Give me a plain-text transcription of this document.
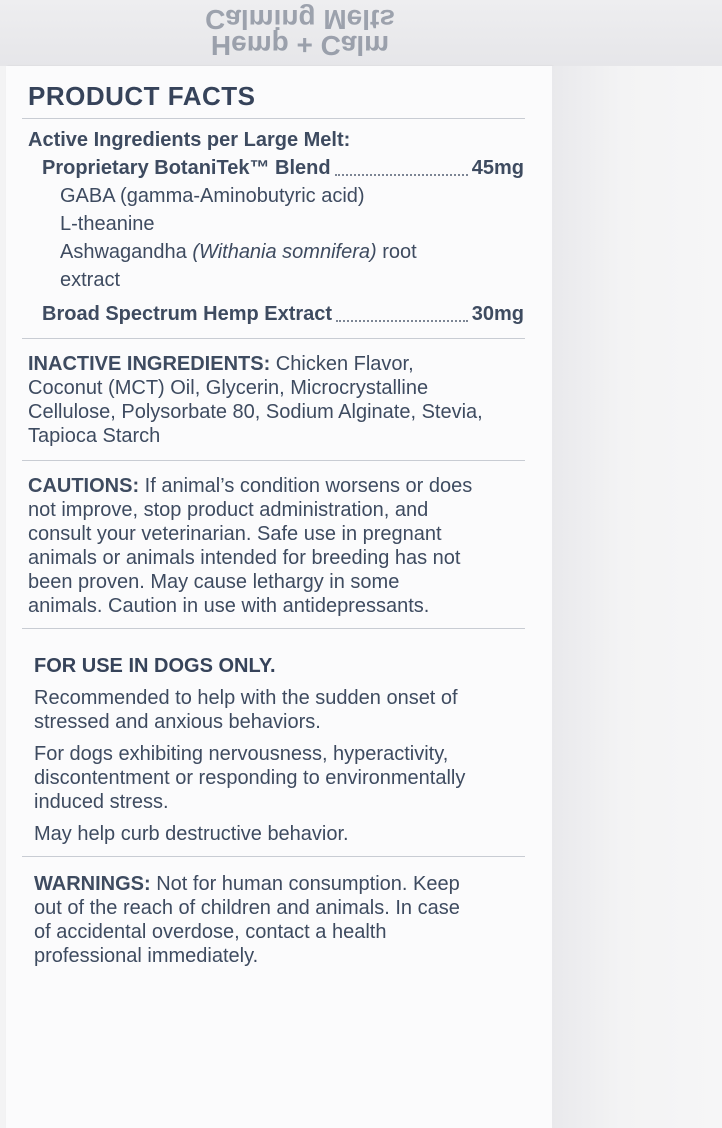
Hemp + Calm
Calming Melts
PRODUCT FACTS
Active Ingredients per Large Melt:
Proprietary BotaniTek™ Blend	45mg
GABA (gamma-Aminobutyric acid)
L-theanine
Ashwagandha (Withania somnifera) root
extract
Broad Spectrum Hemp Extract	30mg
INACTIVE INGREDIENTS: Chicken Flavor,
Coconut (MCT) Oil, Glycerin, Microcrystalline
Cellulose, Polysorbate 80, Sodium Alginate, Stevia,
Tapioca Starch
CAUTIONS: If animal’s condition worsens or does
not improve, stop product administration, and
consult your veterinarian. Safe use in pregnant
animals or animals intended for breeding has not
been proven. May cause lethargy in some
animals. Caution in use with antidepressants.
FOR USE IN DOGS ONLY.
Recommended to help with the sudden onset of
stressed and anxious behaviors.
For dogs exhibiting nervousness, hyperactivity,
discontentment or responding to environmentally
induced stress.
May help curb destructive behavior.
WARNINGS: Not for human consumption. Keep
out of the reach of children and animals. In case
of accidental overdose, contact a health
professional immediately.
